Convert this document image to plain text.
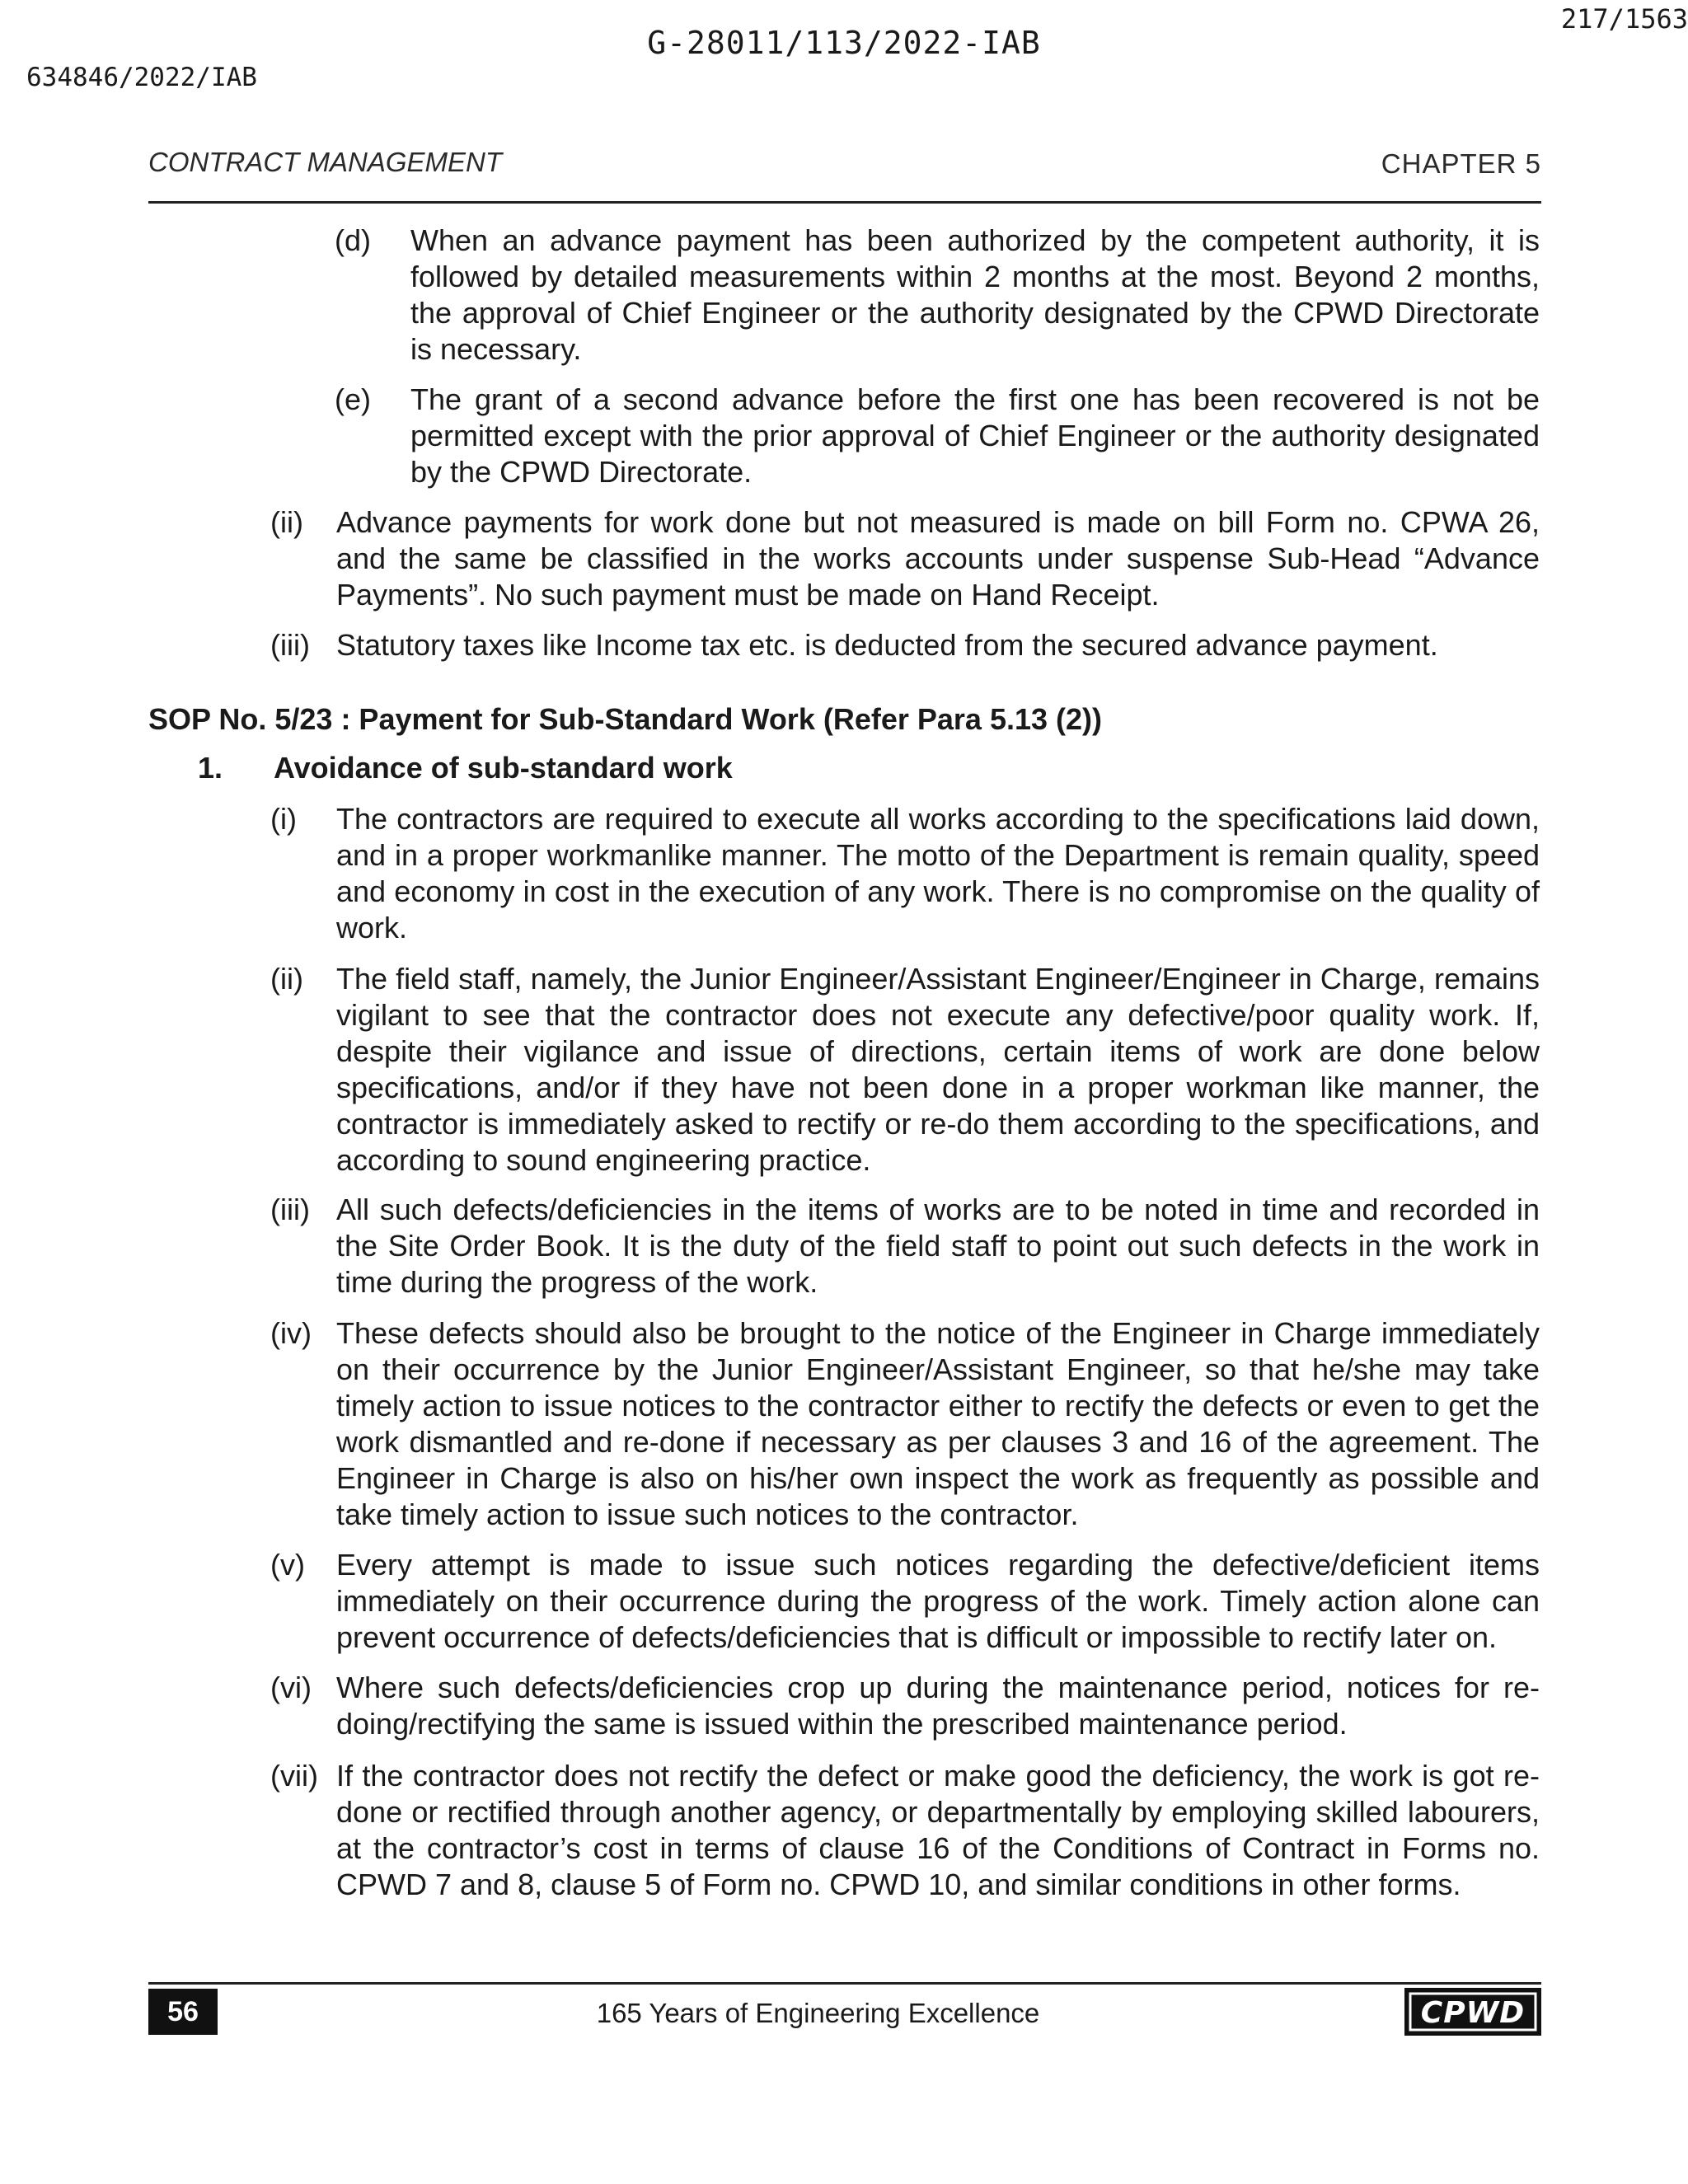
G-28011/113/2022-IAB
217/1563
634846/2022/IAB
CONTRACT MANAGEMENT	CHAPTER 5
(d) When an advance payment has been authorized by the competent authority, it is followed by detailed measurements within 2 months at the most. Beyond 2 months, the approval of Chief Engineer or the authority designated by the CPWD Directorate is necessary.
(e) The grant of a second advance before the first one has been recovered is not be permitted except with the prior approval of Chief Engineer or the authority designated by the CPWD Directorate.
(ii) Advance payments for work done but not measured is made on bill Form no. CPWA 26, and the same be classified in the works accounts under suspense Sub-Head “Advance Payments”. No such payment must be made on Hand Receipt.
(iii) Statutory taxes like Income tax etc. is deducted from the secured advance payment.
SOP No. 5/23 : Payment for Sub-Standard Work (Refer Para 5.13 (2))
1. Avoidance of sub-standard work
(i) The contractors are required to execute all works according to the specifications laid down, and in a proper workmanlike manner. The motto of the Department is remain quality, speed and economy in cost in the execution of any work. There is no compromise on the quality of work.
(ii) The field staff, namely, the Junior Engineer/Assistant Engineer/Engineer in Charge, remains vigilant to see that the contractor does not execute any defective/poor quality work. If, despite their vigilance and issue of directions, certain items of work are done below specifications, and/or if they have not been done in a proper workman like manner, the contractor is immediately asked to rectify or re-do them according to the specifications, and according to sound engineering practice.
(iii) All such defects/deficiencies in the items of works are to be noted in time and recorded in the Site Order Book. It is the duty of the field staff to point out such defects in the work in time during the progress of the work.
(iv) These defects should also be brought to the notice of the Engineer in Charge immediately on their occurrence by the Junior Engineer/Assistant Engineer, so that he/she may take timely action to issue notices to the contractor either to rectify the defects or even to get the work dismantled and re-done if necessary as per clauses 3 and 16 of the agreement. The Engineer in Charge is also on his/her own inspect the work as frequently as possible and take timely action to issue such notices to the contractor.
(v) Every attempt is made to issue such notices regarding the defective/deficient items immediately on their occurrence during the progress of the work. Timely action alone can prevent occurrence of defects/deficiencies that is difficult or impossible to rectify later on.
(vi) Where such defects/deficiencies crop up during the maintenance period, notices for re-doing/rectifying the same is issued within the prescribed maintenance period.
(vii) If the contractor does not rectify the defect or make good the deficiency, the work is got re-done or rectified through another agency, or departmentally by employing skilled labourers, at the contractor’s cost in terms of clause 16 of the Conditions of Contract in Forms no. CPWD 7 and 8, clause 5 of Form no. CPWD 10, and similar conditions in other forms.
56	165 Years of Engineering Excellence	CPWD
